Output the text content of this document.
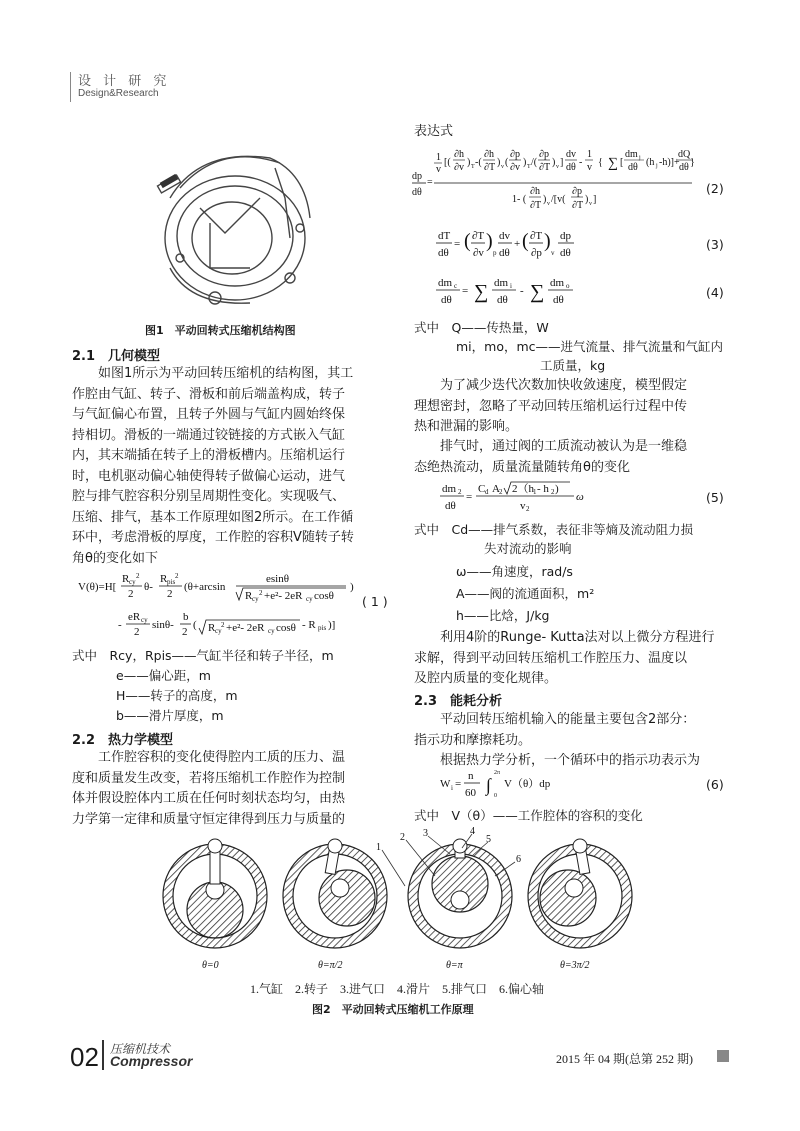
设 计 研 究
Design&Research
图1　平动回转式压缩机结构图
2.1　几何模型
如图1所示为平动回转压缩机的结构图，其工
作腔由气缸、转子、滑板和前后端盖构成，转子
与气缸偏心布置，且转子外圆与气缸内圆始终保
持相切。滑板的一端通过铰链接的方式嵌入气缸
内，其末端插在转子上的滑板槽内。压缩机运行
时，电机驱动偏心轴使得转子做偏心运动，进气
腔与排气腔容积分别呈周期性变化。实现吸气、
压缩、排气，基本工作原理如图2所示。在工作循
环中，考虑滑板的厚度，工作腔的容积V随转子转
角θ的变化如下
V(θ)=H[
R cy
2
2
θ-
R pis
2
2
(θ+arcsin
esinθ
R cy
2 +e²- 2eR cy cosθ
)
-
eR cy
2
sinθ-
b
2
( R cy
2 +e²- 2eR cy cosθ - R pis )]
( 1 )
式中　Rcy，Rpis——气缸半径和转子半径，m
e——偏心距，m
H——转子的高度，m
b——滑片厚度，m
2.2　热力学模型
工作腔容积的变化使得腔内工质的压力、温
度和质量发生改变，若将压缩机工作腔作为控制
体并假设腔体内工质在任何时刻状态均匀，由热
力学第一定律和质量守恒定律得到压力与质量的
表达式
dp
dθ
=
1
v
[(
∂h
∂v ) T -(
∂h
∂T ) v (
∂p
∂v ) T /(
∂p
∂T ) v ]
dv
dθ -
1
v { ∑ [
dm j
dθ (h j -h)]+
dQ
dθ }
1- (
∂h
∂T
) v /[v(
∂p
∂T
) v ]
(2)
dT
dθ
= ( ∂T
∂v
)
p
dv
dθ
+ ( ∂T
∂p
)
v
dp
dθ
(3)
dm c
dθ
= ∑ dm i
dθ
- ∑ dm o
dθ	(4)
式中　Q——传热量，W
mi，mo，mc——进气流量、排气流量和气缸内
工质量，kg
为了减少迭代次数加快收敛速度，模型假定
理想密封，忽略了平动回转压缩机运行过程中传
热和泄漏的影响。
排气时，通过阀的工质流动被认为是一维稳
态绝热流动，质量流量随转角θ的变化
dm 2
dθ
=
C d A 2 2（h 1 - h 2 )
v 2
ω	(5)
式中　Cd——排气系数，表征非等熵及流动阻力损
失对流动的影响
ω——角速度，rad/s
A——阀的流通面积，m²
h——比焓，J/kg
利用4阶的Runge- Kutta法对以上微分方程进行
求解，得到平动回转压缩机工作腔压力、温度以
及腔内质量的变化规律。
2.3　能耗分析
平动回转压缩机输入的能量主要包含2部分：
指示功和摩擦耗功。
根据热力学分析，一个循环中的指示功表示为
W i =
n
60 ∫
2π
0
V（θ）dp	(6)
式中　V（θ）——工作腔体的容积的变化
1
2 3	4
5
6
θ=0	θ=π/2	θ=π	θ=3π/2
1.气缸　2.转子　3.进气口　4.滑片　5.排气口　6.偏心轴
图2　平动回转式压缩机工作原理
02 压缩机技术
Compressor	2015 年 04 期(总第 252 期)
